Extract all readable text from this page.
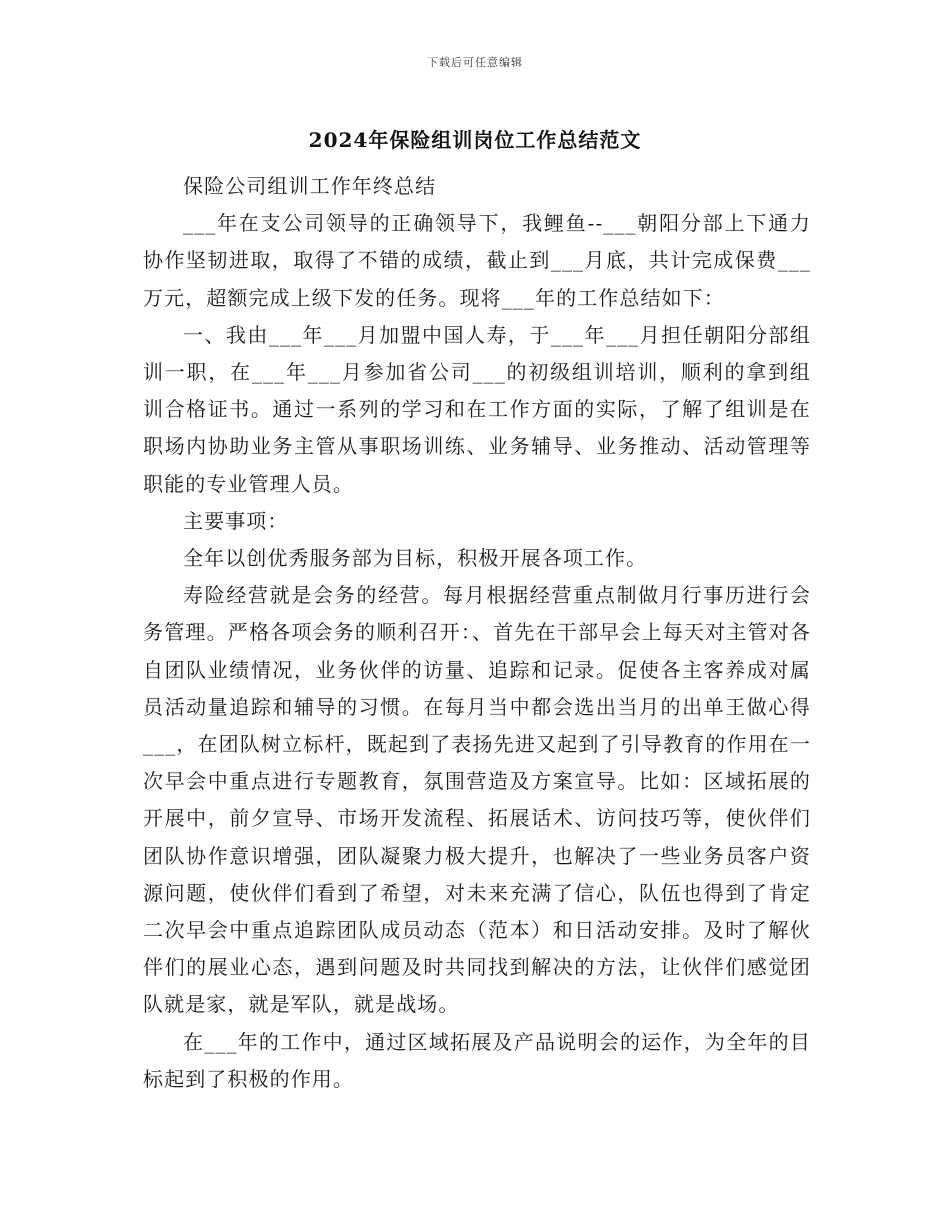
下载后可任意编辑
2024年保险组训岗位工作总结范文

保险公司组训工作年终总结

___年在支公司领导的正确领导下，我鲤鱼--___朝阳分部上下通力协作坚韧进取，取得了不错的成绩，截止到___月底，共计完成保费___万元，超额完成上级下发的任务。现将___年的工作总结如下：

一、我由___年___月加盟中国人寿，于___年___月担任朝阳分部组训一职，在___年___月参加省公司___的初级组训培训，顺利的拿到组训合格证书。通过一系列的学习和在工作方面的实际，了解了组训是在职场内协助业务主管从事职场训练、业务辅导、业务推动、活动管理等职能的专业管理人员。

主要事项：

全年以创优秀服务部为目标，积极开展各项工作。

寿险经营就是会务的经营。每月根据经营重点制做月行事历进行会务管理。严格各项会务的顺利召开：、首先在干部早会上每天对主管对各自团队业绩情况，业务伙伴的访量、追踪和记录。促使各主客养成对属员活动量追踪和辅导的习惯。在每月当中都会选出当月的出单王做心得___，在团队树立标杆，既起到了表扬先进又起到了引导教育的作用在一次早会中重点进行专题教育，氛围营造及方案宣导。比如：区域拓展的开展中，前夕宣导、市场开发流程、拓展话术、访问技巧等，使伙伴们团队协作意识增强，团队凝聚力极大提升，也解决了一些业务员客户资源问题，使伙伴们看到了希望，对未来充满了信心，队伍也得到了肯定二次早会中重点追踪团队成员动态（范本）和日活动安排。及时了解伙伴们的展业心态，遇到问题及时共同找到解决的方法，让伙伴们感觉团队就是家，就是军队，就是战场。

在___年的工作中，通过区域拓展及产品说明会的运作，为全年的目标起到了积极的作用。
